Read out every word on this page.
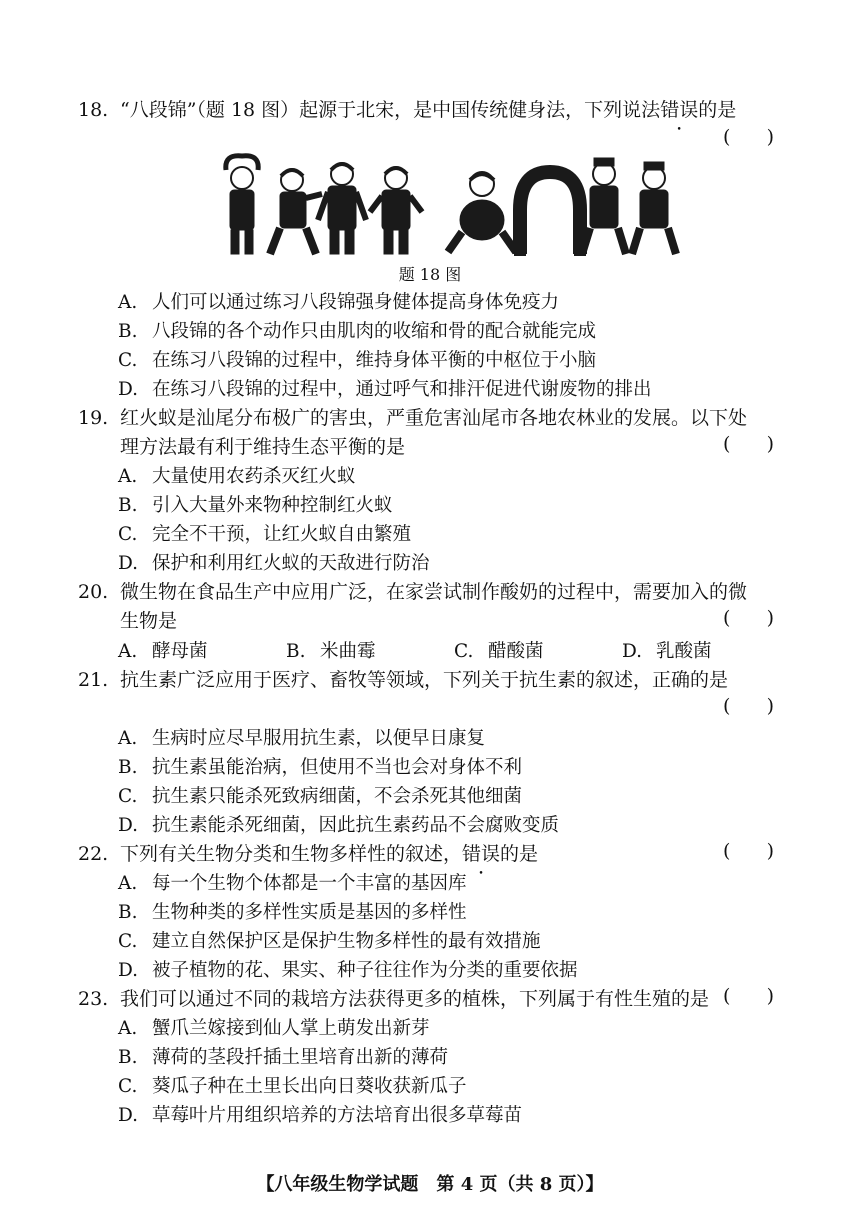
18. “八段锦”（题 18 图）起源于北宋，是中国传统健身法，下列说法错误的是
(      )
题 18 图
A. 人们可以通过练习八段锦强身健体提高身体免疫力
B. 八段锦的各个动作只由肌肉的收缩和骨的配合就能完成
C. 在练习八段锦的过程中，维持身体平衡的中枢位于小脑
D. 在练习八段锦的过程中，通过呼气和排汗促进代谢废物的排出
19. 红火蚁是汕尾分布极广的害虫，严重危害汕尾市各地农林业的发展。以下处
理方法最有利于维持生态平衡的是	(      )
A. 大量使用农药杀灭红火蚁
B. 引入大量外来物种控制红火蚁
C. 完全不干预，让红火蚁自由繁殖
D. 保护和利用红火蚁的天敌进行防治
20. 微生物在食品生产中应用广泛，在家尝试制作酸奶的过程中，需要加入的微
生物是	(      )
A. 酵母菌	B. 米曲霉	C. 醋酸菌	D. 乳酸菌
21. 抗生素广泛应用于医疗、畜牧等领域，下列关于抗生素的叙述，正确的是
(      )
A. 生病时应尽早服用抗生素，以便早日康复
B. 抗生素虽能治病，但使用不当也会对身体不利
C. 抗生素只能杀死致病细菌，不会杀死其他细菌
D. 抗生素能杀死细菌，因此抗生素药品不会腐败变质
22. 下列有关生物分类和生物多样性的叙述，错误的是	(      )
A. 每一个生物个体都是一个丰富的基因库
B. 生物种类的多样性实质是基因的多样性
C. 建立自然保护区是保护生物多样性的最有效措施
D. 被子植物的花、果实、种子往往作为分类的重要依据
23. 我们可以通过不同的栽培方法获得更多的植株，下列属于有性生殖的是 (      )
A. 蟹爪兰嫁接到仙人掌上萌发出新芽
B. 薄荷的茎段扦插土里培育出新的薄荷
C. 葵瓜子种在土里长出向日葵收获新瓜子
D. 草莓叶片用组织培养的方法培育出很多草莓苗
【八年级生物学试题　第 4 页（共 8 页）】
